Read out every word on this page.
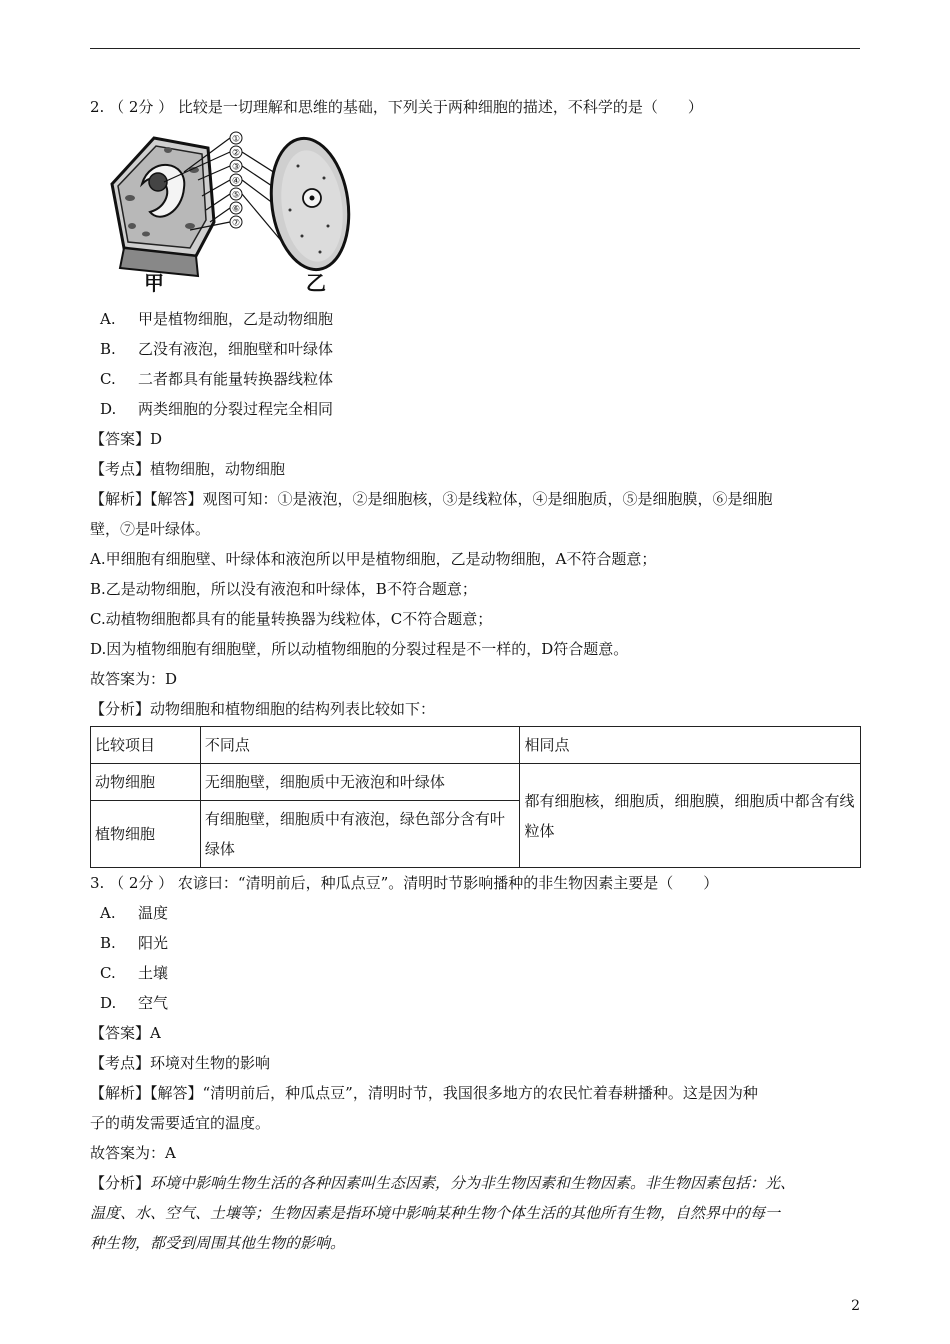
2. （ 2分 ） 比较是一切理解和思维的基础，下列关于两种细胞的描述，不科学的是（　　）
①
②
③
④
⑤
⑥
⑦
甲	乙
A. 甲是植物细胞，乙是动物细胞
B. 乙没有液泡，细胞壁和叶绿体
C. 二者都具有能量转换器线粒体
D. 两类细胞的分裂过程完全相同
【答案】D
【考点】植物细胞，动物细胞
【解析】【解答】观图可知：①是液泡，②是细胞核，③是线粒体，④是细胞质，⑤是细胞膜，⑥是细胞
壁，⑦是叶绿体。
A.甲细胞有细胞壁、叶绿体和液泡所以甲是植物细胞，乙是动物细胞，A不符合题意；
B.乙是动物细胞，所以没有液泡和叶绿体，B不符合题意；
C.动植物细胞都具有的能量转换器为线粒体，C不符合题意；
D.因为植物细胞有细胞壁，所以动植物细胞的分裂过程是不一样的，D符合题意。
故答案为：D
【分析】动物细胞和植物细胞的结构列表比较如下：
比较项目	不同点	相同点
动物细胞	无细胞壁，细胞质中无液泡和叶绿体	都有细胞核，细胞质，细胞膜，细胞质中都含有线粒体
植物细胞	有细胞壁，细胞质中有液泡，绿色部分含有叶绿体	
3. （ 2分 ） 农谚曰：“清明前后，种瓜点豆”。清明时节影响播种的非生物因素主要是（　　）
A. 温度
B. 阳光
C. 土壤
D. 空气
【答案】A
【考点】环境对生物的影响
【解析】【解答】“清明前后，种瓜点豆”，清明时节，我国很多地方的农民忙着春耕播种。这是因为种
子的萌发需要适宜的温度。
故答案为：A
【分析】环境中影响生物生活的各种因素叫生态因素，分为非生物因素和生物因素。非生物因素包括：光、
温度、水、空气、土壤等；生物因素是指环境中影响某种生物个体生活的其他所有生物，自然界中的每一
种生物，都受到周围其他生物的影响。
2
